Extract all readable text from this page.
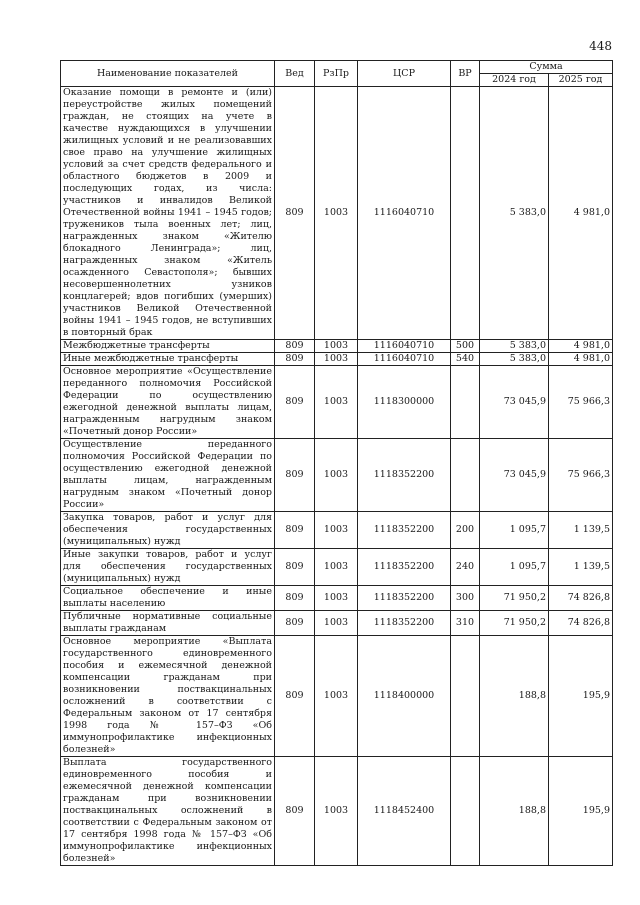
448
Наименование показателей	Вед	РзПр	ЦСР	ВР	Сумма	
					2024 год	2025 год
Оказание помощи в ремонте и (или) переустройстве жилых помещений граждан, не стоящих на учете в качестве нуждающихся в улучшении жилищных условий и не реализовавших свое право на улучшение жилищных условий за счет средств федерального и областного бюджетов в 2009 и последующих годах, из числа: участников и инвалидов Великой Отечественной войны 1941 – 1945 годов; тружеников тыла военных лет; лиц, награжденных знаком «Жителю блокадного Ленинграда»; лиц, награжденных знаком «Житель осажденного Севастополя»; бывших несовершеннолетних узников концлагерей; вдов погибших (умерших) участников Великой Отечественной войны 1941 – 1945 годов, не вступивших в повторный брак	809	1003	1116040710		5 383,0	4 981,0
Межбюджетные трансферты	809	1003	1116040710	500	5 383,0	4 981,0
Иные межбюджетные трансферты	809	1003	1116040710	540	5 383,0	4 981,0
Основное мероприятие «Осуществление переданного полномочия Российской Федерации по осуществлению ежегодной денежной выплаты лицам, награжденным нагрудным знаком «Почетный донор России»	809	1003	1118300000		73 045,9	75 966,3
Осуществление переданного полномочия Российской Федерации по осуществлению ежегодной денежной выплаты лицам, награжденным нагрудным знаком «Почетный донор России»	809	1003	1118352200		73 045,9	75 966,3
Закупка товаров, работ и услуг для обеспечения государственных (муниципальных) нужд	809	1003	1118352200	200	1 095,7	1 139,5
Иные закупки товаров, работ и услуг для обеспечения государственных (муниципальных) нужд	809	1003	1118352200	240	1 095,7	1 139,5
Социальное обеспечение и иные выплаты населению	809	1003	1118352200	300	71 950,2	74 826,8
Публичные нормативные социальные выплаты гражданам	809	1003	1118352200	310	71 950,2	74 826,8
Основное мероприятие «Выплата государственного единовременного пособия и ежемесячной денежной компенсации гражданам при возникновении поствакцинальных осложнений в соответствии с Федеральным законом от 17 сентября 1998 года № 157–ФЗ «Об иммунопрофилактике инфекционных болезней»	809	1003	1118400000		188,8	195,9
Выплата государственного единовременного пособия и ежемесячной денежной компенсации гражданам при возникновении поствакцинальных осложнений в соответствии с Федеральным законом от 17 сентября 1998 года № 157–ФЗ «Об иммунопрофилактике инфекционных болезней»	809	1003	1118452400		188,8	195,9
